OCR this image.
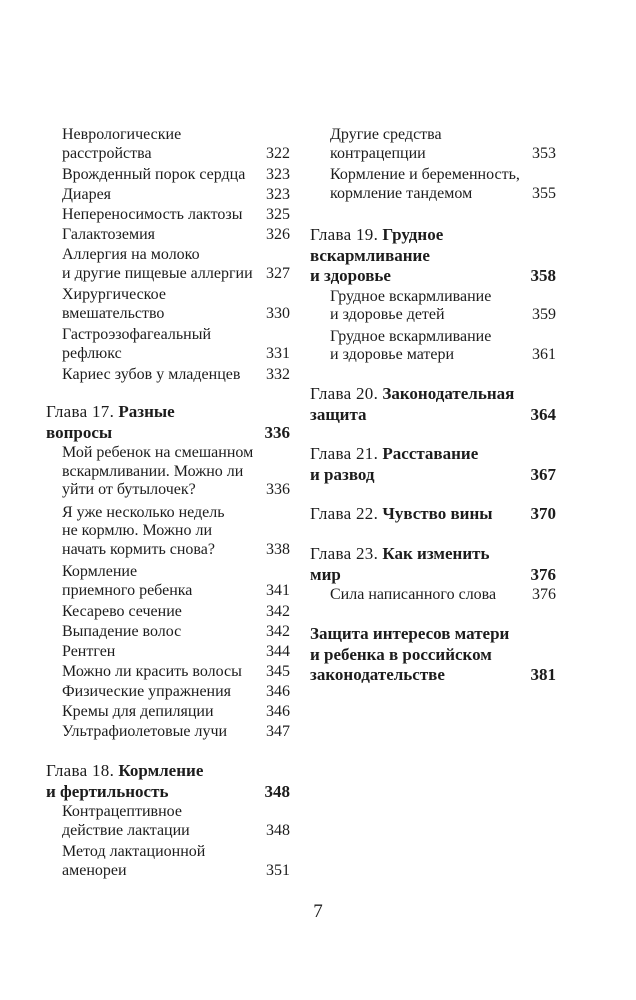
Неврологические
расстройства	322
Врожденный порок сердца	323
Диарея	323
Непереносимость лактозы	325
Галактоземия	326
Аллергия на молоко
и другие пищевые аллергии 327
Хирургическое
вмешательство	330
Гастроэзофагеальный
рефлюкс	331
Кариес зубов у младенцев	332
Глава 17. Разные
вопросы	336
Мой ребенок на смешанном
вскармливании. Можно ли
уйти от бутылочек?	336
Я уже несколько недель
не кормлю. Можно ли
начать кормить снова?	338
Кормление
приемного ребенка	341
Кесарево сечение	342
Выпадение волос	342
Рентген	344
Можно ли красить волосы	345
Физические упражнения	346
Кремы для депиляции	346
Ультрафиолетовые лучи	347
Глава 18. Кормление
и фертильность	348
Контрацептивное
действие лактации	348
Метод лактационной
аменореи	351
Другие средства
контрацепции	353
Кормление и беременность,
кормление тандемом	355
Глава 19. Грудное
вскармливание
и здоровье	358
Грудное вскармливание
и здоровье детей	359
Грудное вскармливание
и здоровье матери	361
Глава 20. Законодательная
защита	364
Глава 21. Расставание
и развод	367
Глава 22. Чувство вины	370
Глава 23. Как изменить
мир	376
Сила написанного слова	376
Защита интересов матери
и ребенка в российском
законодательстве	381
7
